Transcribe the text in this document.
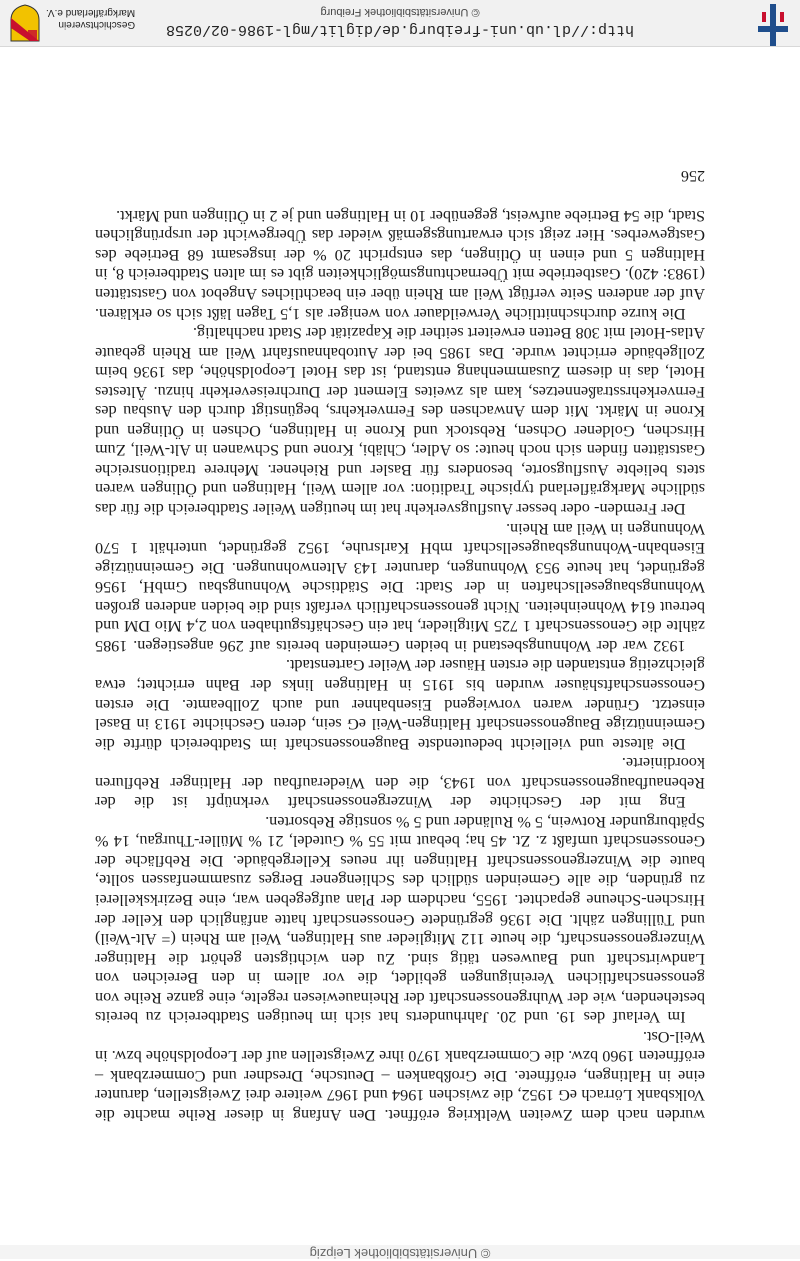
© Universitätsbibliothek Leipzig

wurden nach dem Zweiten Weltkrieg eröffnet. Den Anfang in dieser Reihe machte die Volksbank Lörrach eG 1952, die zwischen 1964 und 1967 weitere drei Zweigstellen, darunter eine in Haltingen, eröffnete. Die Großbanken – Deutsche, Dresdner und Commerzbank – eröffneten 1960 bzw. die Commerzbank 1970 ihre Zweigstellen auf der Leopoldshöhe bzw. in Weil-Ost.

Im Verlauf des 19. und 20. Jahrhunderts hat sich im heutigen Stadtbereich zu bereits bestehenden, wie der Wuhrgenossenschaft der Rheinauewiesen regelte, eine ganze Reihe von genossenschaftlichen Vereinigungen gebildet, die vor allem in den Bereichen von Landwirtschaft und Bauwesen tätig sind. Zu den wichtigsten gehört die Haltinger Winzergenossenschaft, die heute 112 Mitglieder aus Haltingen, Weil am Rhein (= Alt-Weil) und Tüllingen zählt. Die 1936 gegründete Genossenschaft hatte anfänglich den Keller der Hirschen-Scheune gepachtet. 1955, nachdem der Plan aufgegeben war, eine Bezirkskellerei zu gründen, die alle Gemeinden südlich des Schliengener Berges zusammenfassen sollte, baute die Winzergenossenschaft Haltingen ihr neues Kellergebäude. Die Rebfläche der Genossenschaft umfaßt z. Zt. 45 ha; bebaut mit 55 % Gutedel, 21 % Müller-Thurgau, 14 % Spätburgunder Rotwein, 5 % Ruländer und 5 % sonstige Rebsorten.

Eng mit der Geschichte der Winzergenossenschaft verknüpft ist die der Rebenaufbaugenossenschaft von 1943, die den Wiederaufbau der Haltinger Rebfluren koordinierte.

Die älteste und vielleicht bedeutendste Baugenossenschaft im Stadtbereich dürfte die Gemeinnützige Baugenossenschaft Haltingen-Weil eG sein, deren Geschichte 1913 in Basel einsetzt. Gründer waren vorwiegend Eisenbahner und auch Zollbeamte. Die ersten Genossenschaftshäuser wurden bis 1915 in Haltingen links der Bahn errichtet; etwa gleichzeitig entstanden die ersten Häuser der Weiler Gartenstadt.

1932 war der Wohnungsbestand in beiden Gemeinden bereits auf 296 angestiegen. 1985 zählte die Genossenschaft 1 725 Mitglieder, hat ein Geschäftsguthaben von 2,4 Mio DM und betreut 614 Wohneinheiten. Nicht genossenschaftlich verfaßt sind die beiden anderen großen Wohnungsbaugesellschaften in der Stadt: Die Städtische Wohnungsbau GmbH, 1956 gegründet, hat heute 953 Wohnungen, darunter 143 Altenwohnungen. Die Gemeinnützige Eisenbahn-Wohnungsbaugesellschaft mbH Karlsruhe, 1952 gegründet, unterhält 1 570 Wohnungen in Weil am Rhein.

Der Fremden- oder besser Ausflugsverkehr hat im heutigen Weiler Stadtbereich die für das südliche Markgräflerland typische Tradition: vor allem Weil, Haltingen und Ötlingen waren stets beliebte Ausflugsorte, besonders für Basler und Riehener. Mehrere traditionsreiche Gaststätten finden sich noch heute: so Adler, Chläbi, Krone und Schwanen in Alt-Weil, Zum Hirschen, Goldener Ochsen, Rebstock und Krone in Haltingen, Ochsen in Ötlingen und Krone in Märkt. Mit dem Anwachsen des Fernverkehrs, begünstigt durch den Ausbau des Fernverkehrsstraßennetzes, kam als zweites Element der Durchreiseverkehr hinzu. Ältestes Hotel, das in diesem Zusammenhang entstand, ist das Hotel Leopoldshöhe, das 1936 beim Zollgebäude errichtet wurde. Das 1985 bei der Autobahnausfahrt Weil am Rhein gebaute Atlas-Hotel mit 308 Betten erweitert seither die Kapazität der Stadt nachhaltig.

Die kurze durchschnittliche Verweildauer von weniger als 1,5 Tagen läßt sich so erklären. Auf der anderen Seite verfügt Weil am Rhein über ein beachtliches Angebot von Gaststätten (1983: 420). Gastbetriebe mit Übernachtungsmöglichkeiten gibt es im alten Stadtbereich 8, in Haltingen 5 und einen in Ötlingen, das entspricht 20 % der insgesamt 68 Betriebe des Gastgewerbes. Hier zeigt sich erwartungsgemäß wieder das Übergewicht der ursprünglichen Stadt, die 54 Betriebe aufweist, gegenüber 10 in Haltingen und je 2 in Ötlingen und Märkt.

256
http://dl.ub.uni-freiburg.de/diglit/mgl-1986-02/0258
© Universitätsbibliothek Freiburg
Geschichtsverein
Markgräflerland e.V.
